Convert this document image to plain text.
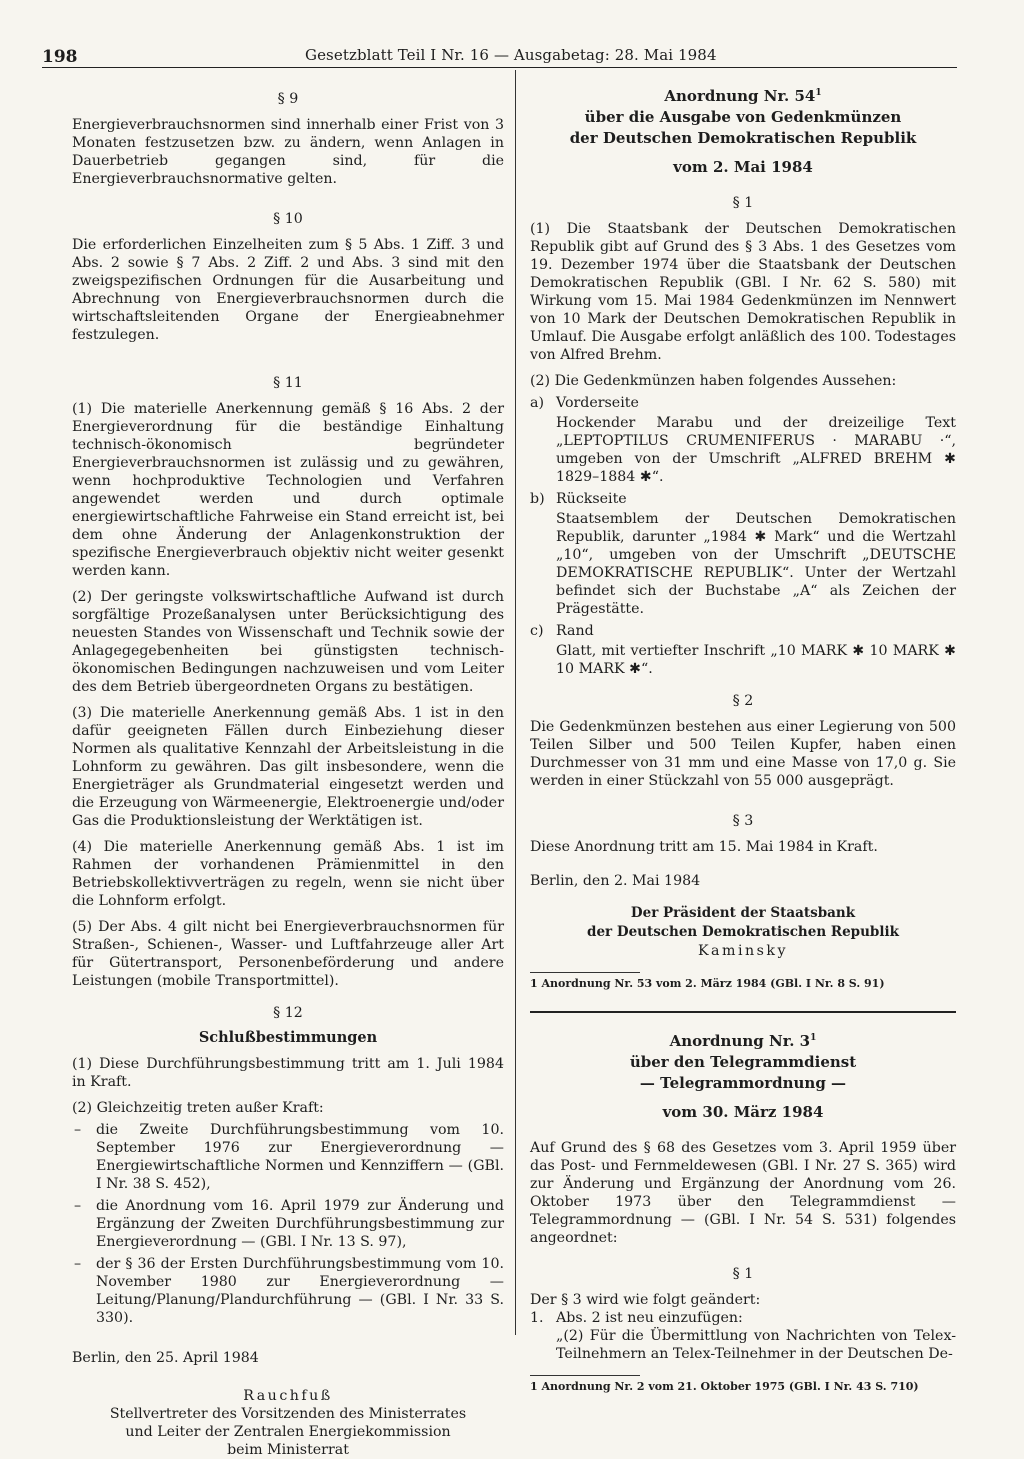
198	Gesetzblatt Teil I Nr. 16 — Ausgabetag: 28. Mai 1984
§ 9

Energieverbrauchsnormen sind innerhalb einer Frist von 3 Monaten festzusetzen bzw. zu ändern, wenn Anlagen in Dauerbetrieb gegangen sind, für die Energieverbrauchsnormative gelten.

§ 10

Die erforderlichen Einzelheiten zum § 5 Abs. 1 Ziff. 3 und Abs. 2 sowie § 7 Abs. 2 Ziff. 2 und Abs. 3 sind mit den zweigspezifischen Ordnungen für die Ausarbeitung und Abrechnung von Energieverbrauchsnormen durch die wirtschaftsleitenden Organe der Energieabnehmer festzulegen.

§ 11

(1) Die materielle Anerkennung gemäß § 16 Abs. 2 der Energieverordnung für die beständige Einhaltung technisch-ökonomisch begründeter Energieverbrauchsnormen ist zulässig und zu gewähren, wenn hochproduktive Technologien und Verfahren angewendet werden und durch optimale energiewirtschaftliche Fahrweise ein Stand erreicht ist, bei dem ohne Änderung der Anlagenkonstruktion der spezifische Energieverbrauch objektiv nicht weiter gesenkt werden kann.

(2) Der geringste volkswirtschaftliche Aufwand ist durch sorgfältige Prozeßanalysen unter Berücksichtigung des neuesten Standes von Wissenschaft und Technik sowie der Anlagegegebenheiten bei günstigsten technisch-ökonomischen Bedingungen nachzuweisen und vom Leiter des dem Betrieb übergeordneten Organs zu bestätigen.

(3) Die materielle Anerkennung gemäß Abs. 1 ist in den dafür geeigneten Fällen durch Einbeziehung dieser Normen als qualitative Kennzahl der Arbeitsleistung in die Lohnform zu gewähren. Das gilt insbesondere, wenn die Energieträger als Grundmaterial eingesetzt werden und die Erzeugung von Wärmeenergie, Elektroenergie und/oder Gas die Produktionsleistung der Werktätigen ist.

(4) Die materielle Anerkennung gemäß Abs. 1 ist im Rahmen der vorhandenen Prämienmittel in den Betriebskollektivverträgen zu regeln, wenn sie nicht über die Lohnform erfolgt.

(5) Der Abs. 4 gilt nicht bei Energieverbrauchsnormen für Straßen-, Schienen-, Wasser- und Luftfahrzeuge aller Art für Gütertransport, Personenbeförderung und andere Leistungen (mobile Transportmittel).

§ 12
Schlußbestimmungen

(1) Diese Durchführungsbestimmung tritt am 1. Juli 1984 in Kraft.

(2) Gleichzeitig treten außer Kraft:

– die Zweite Durchführungsbestimmung vom 10. September 1976 zur Energieverordnung — Energiewirtschaftliche Normen und Kennziffern — (GBl. I Nr. 38 S. 452),
– die Anordnung vom 16. April 1979 zur Änderung und Ergänzung der Zweiten Durchführungsbestimmung zur Energieverordnung — (GBl. I Nr. 13 S. 97),
– der § 36 der Ersten Durchführungsbestimmung vom 10. November 1980 zur Energieverordnung — Leitung/Planung/Plandurchführung — (GBl. I Nr. 33 S. 330).

Berlin, den 25. April 1984

Rauchfuß
Stellvertreter des Vorsitzenden des Ministerrates
und Leiter der Zentralen Energiekommission
beim Ministerrat
Anordnung Nr. $54^1$
über die Ausgabe von Gedenkmünzen
der Deutschen Demokratischen Republik
vom 2. Mai 1984
§ 1

(1) Die Staatsbank der Deutschen Demokratischen Republik gibt auf Grund des § 3 Abs. 1 des Gesetzes vom 19. Dezember 1974 über die Staatsbank der Deutschen Demokratischen Republik (GBl. I Nr. 62 S. 580) mit Wirkung vom 15. Mai 1984 Gedenkmünzen im Nennwert von 10 Mark der Deutschen Demokratischen Republik in Umlauf. Die Ausgabe erfolgt anläßlich des 100. Todestages von Alfred Brehm.

(2) Die Gedenkmünzen haben folgendes Aussehen:

a) Vorderseite

Hockender Marabu und der dreizeilige Text „LEPTOPTILUS CRUMENIFERUS · MARABU ·“, umgeben von der Umschrift „ALFRED BREHM ✱ 1829–1884 ✱“.

b) Rückseite

Staatsemblem der Deutschen Demokratischen Republik, darunter „1984 ✱ Mark“ und die Wertzahl „10“, umgeben von der Umschrift „DEUTSCHE DEMOKRATISCHE REPUBLIK“. Unter der Wertzahl befindet sich der Buchstabe „A“ als Zeichen der Prägestätte.

c) Rand

Glatt, mit vertiefter Inschrift „10 MARK ✱ 10 MARK ✱ 10 MARK ✱“.

§ 2

Die Gedenkmünzen bestehen aus einer Legierung von 500 Teilen Silber und 500 Teilen Kupfer, haben einen Durchmesser von 31 mm und eine Masse von 17,0 g. Sie werden in einer Stückzahl von 55 000 ausgeprägt.

§ 3

Diese Anordnung tritt am 15. Mai 1984 in Kraft.

Berlin, den 2. Mai 1984

Der Präsident der Staatsbank
der Deutschen Demokratischen Republik
Kaminsky
1 Anordnung Nr. 53 vom 2. März 1984 (GBl. I Nr. 8 S. 91)
Anordnung Nr. $3^1$
über den Telegrammdienst
— Telegrammordnung —
vom 30. März 1984

Auf Grund des § 68 des Gesetzes vom 3. April 1959 über das Post- und Fernmeldewesen (GBl. I Nr. 27 S. 365) wird zur Änderung und Ergänzung der Anordnung vom 26. Oktober 1973 über den Telegrammdienst — Telegrammordnung — (GBl. I Nr. 54 S. 531) folgendes angeordnet:

§ 1

Der § 3 wird wie folgt geändert:

1. Abs. 2 ist neu einzufügen:

„(2) Für die Übermittlung von Nachrichten von Telex-Teilnehmern an Telex-Teilnehmer in der Deutschen De-

1 Anordnung Nr. 2 vom 21. Oktober 1975 (GBl. I Nr. 43 S. 710)
